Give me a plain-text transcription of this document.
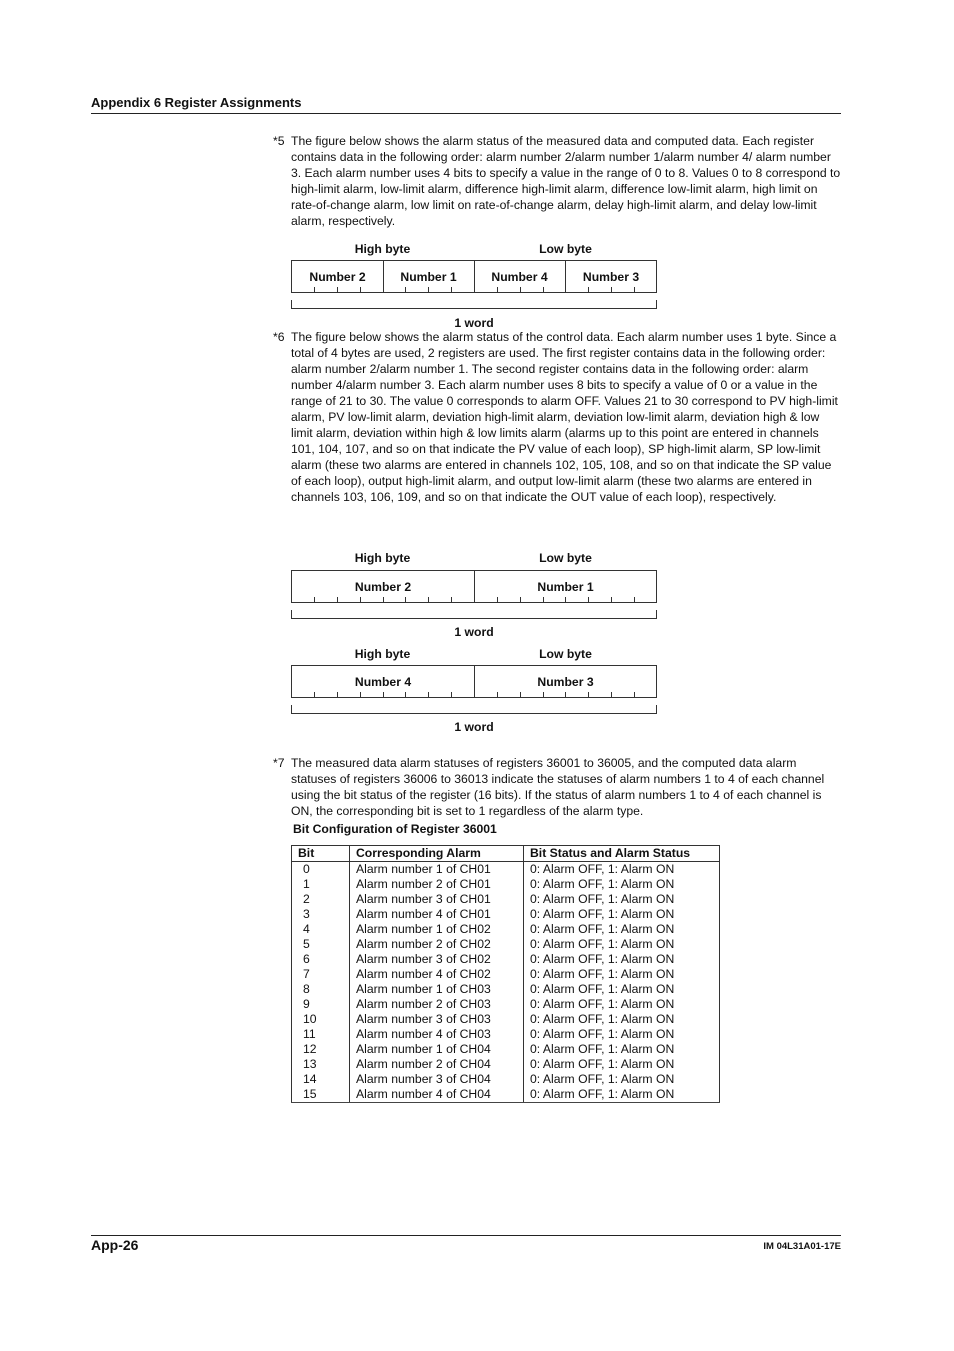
Appendix 6 Register Assignments
*5 The figure below shows the alarm status of the measured data and computed data. Each register contains data in the following order: alarm number 2/alarm number 1/alarm number 4/ alarm number 3. Each alarm number uses 4 bits to specify a value in the range of 0 to 8. Values 0 to 8 correspond to high-limit alarm, low-limit alarm, difference high-limit alarm, difference low-limit alarm, high limit on rate-of-change alarm, low limit on rate-of-change alarm, delay high-limit alarm, and delay low-limit alarm, respectively.
High byte	Low byte
Number 2	Number 1	Number 4	Number 3
1 word
*6 The figure below shows the alarm status of the control data. Each alarm number uses 1 byte. Since a total of 4 bytes are used, 2 registers are used. The first register contains data in the following order: alarm number 2/alarm number 1. The second register contains data in the following order: alarm number 4/alarm number 3. Each alarm number uses 8 bits to specify a value of 0 or a value in the range of 21 to 30. The value 0 corresponds to alarm OFF. Values 21 to 30 correspond to PV high-limit alarm, PV low-limit alarm, deviation high-limit alarm, deviation low-limit alarm, deviation high & low limit alarm, deviation within high & low limits alarm (alarms up to this point are entered in channels 101, 104, 107, and so on that indicate the PV value of each loop), SP high-limit alarm, SP low-limit alarm (these two alarms are entered in channels 102, 105, 108, and so on that indicate the SP value of each loop), output high-limit alarm, and output low-limit alarm (these two alarms are entered in channels 103, 106, 109, and so on that indicate the OUT value of each loop), respectively.
High byte	Low byte
Number 2	Number 1
1 word
High byte	Low byte
Number 4	Number 3
1 word
*7 The measured data alarm statuses of registers 36001 to 36005, and the computed data alarm statuses of registers 36006 to 36013 indicate the statuses of alarm numbers 1 to 4 of each channel using the bit status of the register (16 bits). If the status of alarm numbers 1 to 4 of each channel is ON, the corresponding bit is set to 1 regardless of the alarm type.
Bit Configuration of Register 36001
Bit	Corresponding Alarm	Bit Status and Alarm Status
0	Alarm number 1 of CH01	0: Alarm OFF, 1: Alarm ON
1	Alarm number 2 of CH01	0: Alarm OFF, 1: Alarm ON
2	Alarm number 3 of CH01	0: Alarm OFF, 1: Alarm ON
3	Alarm number 4 of CH01	0: Alarm OFF, 1: Alarm ON
4	Alarm number 1 of CH02	0: Alarm OFF, 1: Alarm ON
5	Alarm number 2 of CH02	0: Alarm OFF, 1: Alarm ON
6	Alarm number 3 of CH02	0: Alarm OFF, 1: Alarm ON
7	Alarm number 4 of CH02	0: Alarm OFF, 1: Alarm ON
8	Alarm number 1 of CH03	0: Alarm OFF, 1: Alarm ON
9	Alarm number 2 of CH03	0: Alarm OFF, 1: Alarm ON
10	Alarm number 3 of CH03	0: Alarm OFF, 1: Alarm ON
11	Alarm number 4 of CH03	0: Alarm OFF, 1: Alarm ON
12	Alarm number 1 of CH04	0: Alarm OFF, 1: Alarm ON
13	Alarm number 2 of CH04	0: Alarm OFF, 1: Alarm ON
14	Alarm number 3 of CH04	0: Alarm OFF, 1: Alarm ON
15	Alarm number 4 of CH04	0: Alarm OFF, 1: Alarm ON
App-26	IM 04L31A01-17E
